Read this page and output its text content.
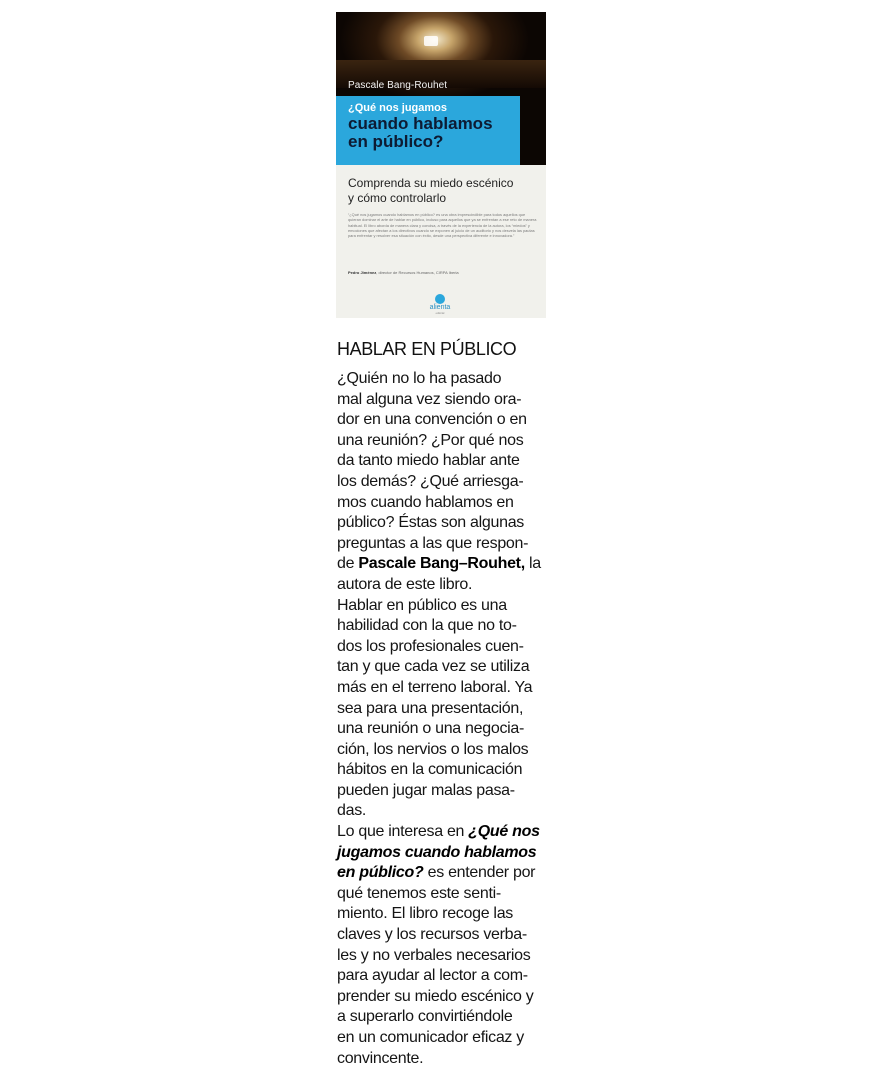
Pascale Bang-Rouhet
¿Qué nos jugamos
cuando hablamos
en público?
Comprenda su miedo escénico
y cómo controlarlo
“¿Qué nos jugamos cuando hablamos en público? es una obra imprescindible para todos aquellos que quieran dominar el arte de hablar en público, incluso para aquellos que ya se enfrentan a ese reto de manera habitual. El libro aborda de manera clara y concisa, a través de la experiencia de la autora, los “miedos” y emociones que afectan a los directivos cuando se exponen al juicio de un auditorio y nos desvela las pautas para enfrentar y resolver esa situación con éxito, desde una perspectiva diferente e innovadora.”
Pedro Jiménez, director de Recursos Humanos, CIRPA Iberia
alienta
editorial
HABLAR EN PÚBLICO
¿Quién no lo ha pasado
mal alguna vez siendo ora-
dor en una convención o en
una reunión? ¿Por qué nos
da tanto miedo hablar ante
los demás? ¿Qué arriesga-
mos cuando hablamos en
público? Éstas son algunas
preguntas a las que respon-
de Pascale Bang–Rouhet, la
autora de este libro.
Hablar en público es una
habilidad con la que no to-
dos los profesionales cuen-
tan y que cada vez se utiliza
más en el terreno laboral. Ya
sea para una presentación,
una reunión o una negocia-
ción, los nervios o los malos
hábitos en la comunicación
pueden jugar malas pasa-
das.
Lo que interesa en ¿Qué nos
jugamos cuando hablamos
en público? es entender por
qué tenemos este senti-
miento. El libro recoge las
claves y los recursos verba-
les y no verbales necesarios
para ayudar al lector a com-
prender su miedo escénico y
a superarlo convirtiéndole
en un comunicador eficaz y
convincente.
